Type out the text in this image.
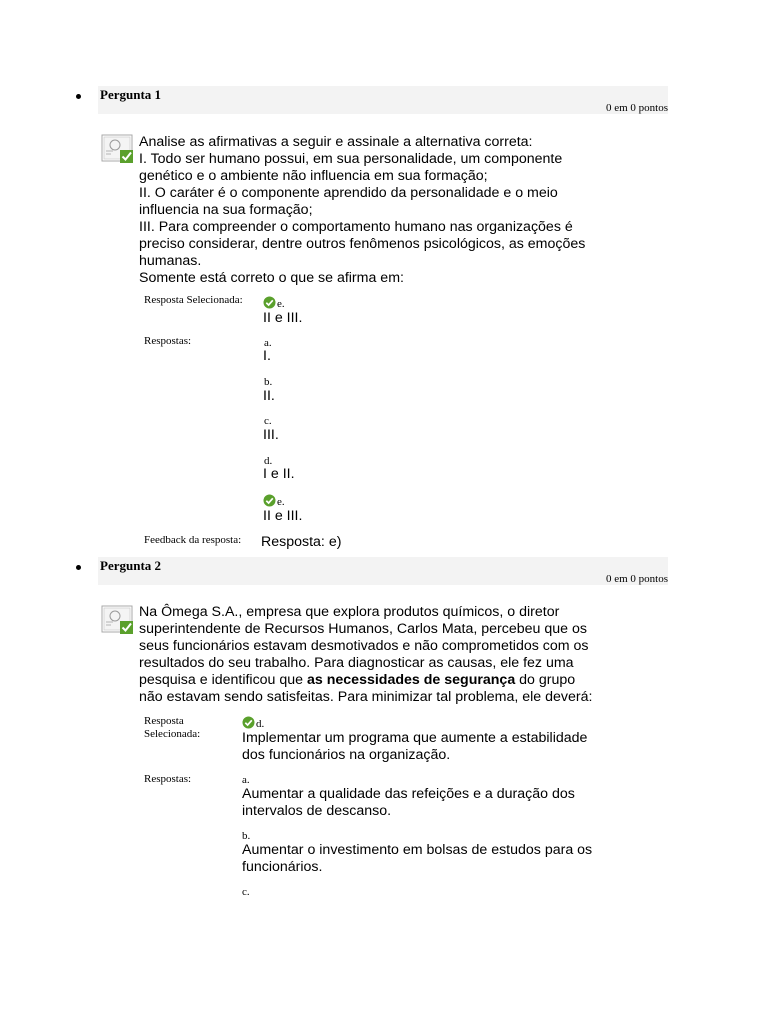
Pergunta 1
0 em 0 pontos

Analise as afirmativas a seguir e assinale a alternativa correta:

I. Todo ser humano possui, em sua personalidade, um componente

genético e o ambiente não influencia em sua formação;

II. O caráter é o componente aprendido da personalidade e o meio

influencia na sua formação;

III. Para compreender o comportamento humano nas organizações é

preciso considerar, dentre outros fenômenos psicológicos, as emoções

humanas.

Somente está correto o que se afirma em:

Resposta Selecionada:	e.
II e III.
Respostas:	a.
I.
b.
II.
c.
III.
d.
I e II.
e.
II e III.
Feedback da resposta: Resposta: e)
Pergunta 2
0 em 0 pontos

Na Ômega S.A., empresa que explora produtos químicos, o diretor

superintendente de Recursos Humanos, Carlos Mata, percebeu que os

seus funcionários estavam desmotivados e não comprometidos com os

resultados do seu trabalho. Para diagnosticar as causas, ele fez uma

pesquisa e identificou que as necessidades de segurança do grupo

não estavam sendo satisfeitas. Para minimizar tal problema, ele deverá:

Resposta
Selecionada:
d.
Implementar um programa que aumente a estabilidade
dos funcionários na organização.
Respostas:	a.
Aumentar a qualidade das refeições e a duração dos
intervalos de descanso.
b.
Aumentar o investimento em bolsas de estudos para os
funcionários.
c.
